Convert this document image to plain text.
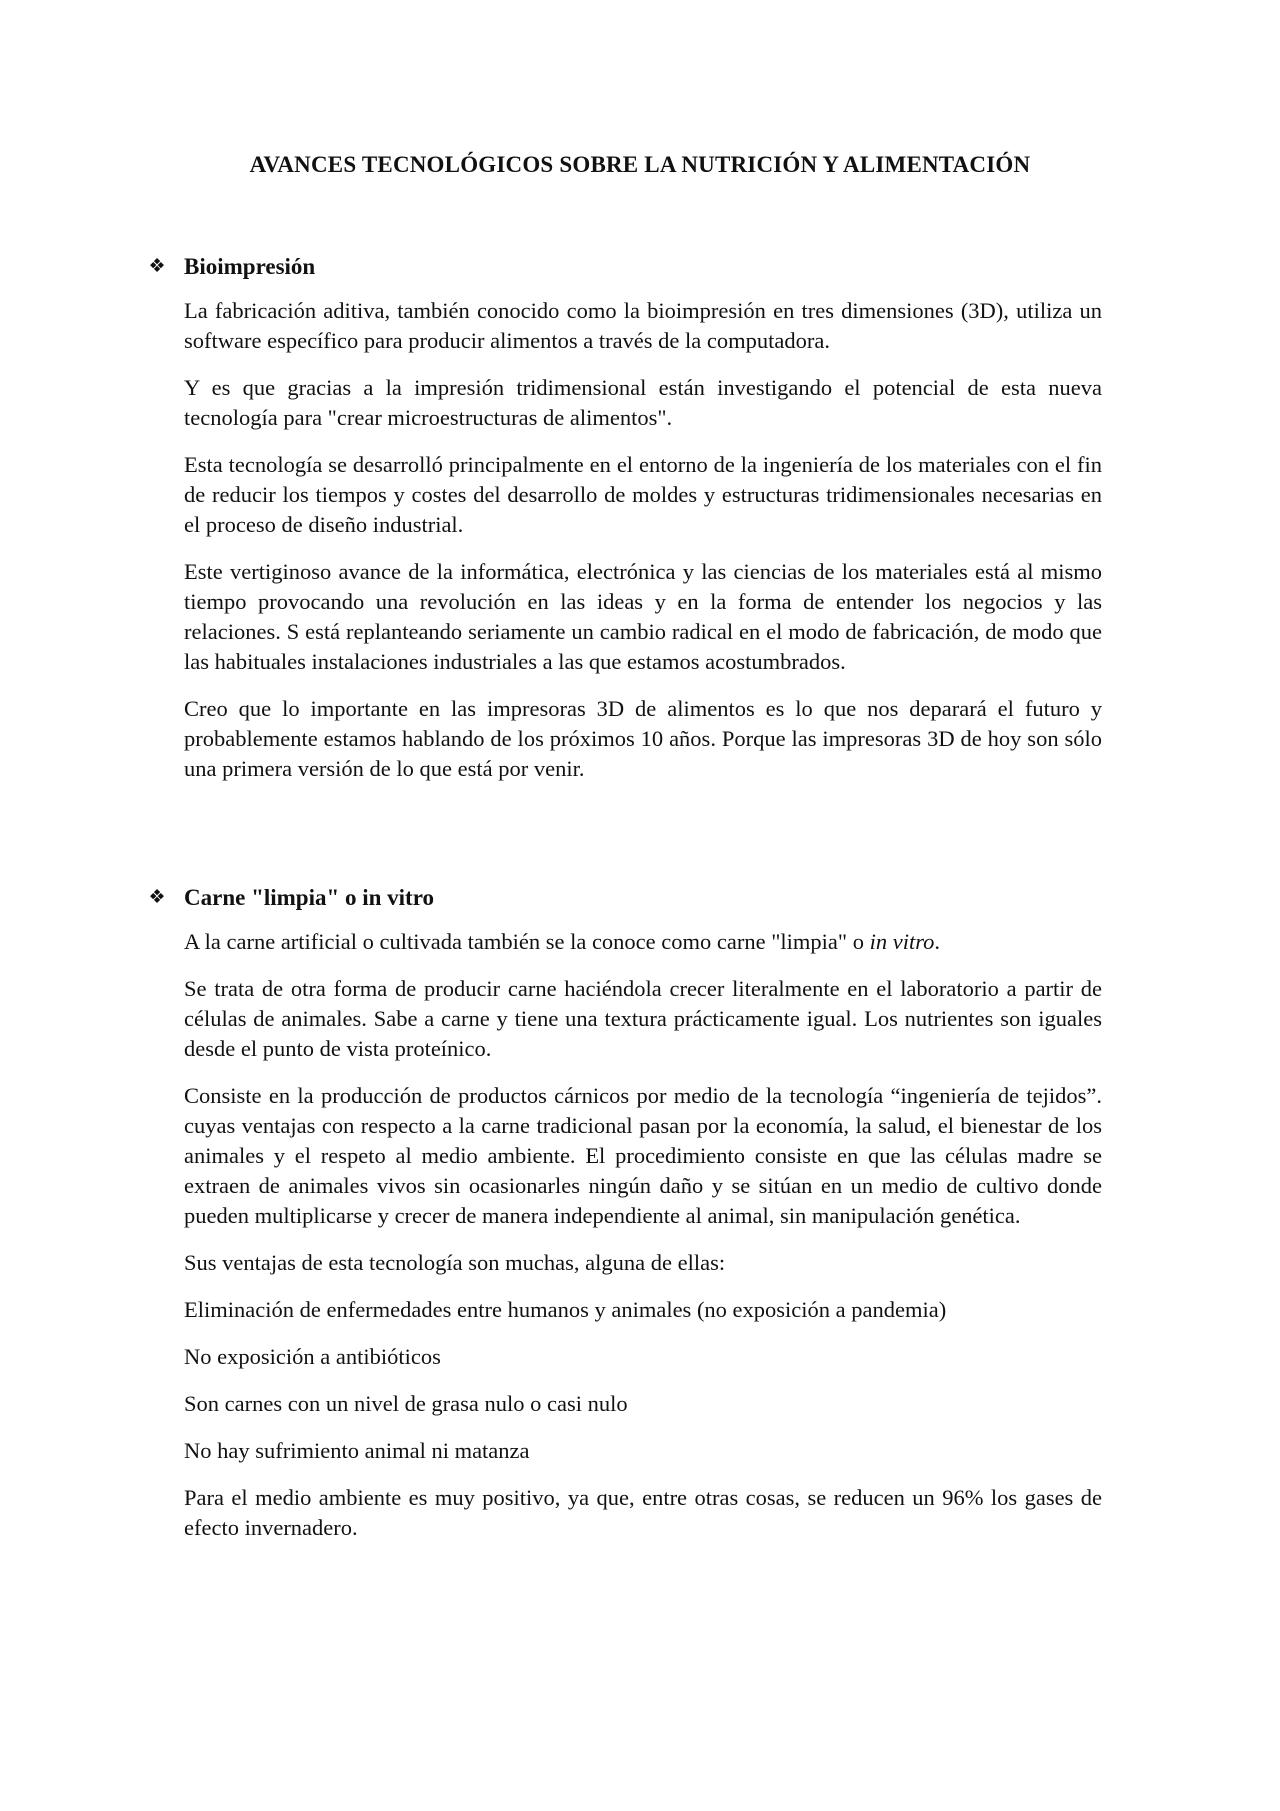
AVANCES TECNOLÓGICOS SOBRE LA NUTRICIÓN Y ALIMENTACIÓN
❖ Bioimpresión

La fabricación aditiva, también conocido como la bioimpresión en tres dimensiones (3D), utiliza un software específico para producir alimentos a través de la computadora.

Y es que gracias a la impresión tridimensional están investigando el potencial de esta nueva tecnología para "crear microestructuras de alimentos".

Esta tecnología se desarrolló principalmente en el entorno de la ingeniería de los materiales con el fin de reducir los tiempos y costes del desarrollo de moldes y estructuras tridimensionales necesarias en el proceso de diseño industrial.

Este vertiginoso avance de la informática, electrónica y las ciencias de los materiales está al mismo tiempo provocando una revolución en las ideas y en la forma de entender los negocios y las relaciones. S está replanteando seriamente un cambio radical en el modo de fabricación, de modo que las habituales instalaciones industriales a las que estamos acostumbrados.

Creo que lo importante en las impresoras 3D de alimentos es lo que nos deparará el futuro y probablemente estamos hablando de los próximos 10 años. Porque las impresoras 3D de hoy son sólo una primera versión de lo que está por venir.

❖ Carne "limpia" o in vitro

A la carne artificial o cultivada también se la conoce como carne "limpia" o in vitro.

Se trata de otra forma de producir carne haciéndola crecer literalmente en el laboratorio a partir de células de animales. Sabe a carne y tiene una textura prácticamente igual. Los nutrientes son iguales desde el punto de vista proteínico.

Consiste en la producción de productos cárnicos por medio de la tecnología “ingeniería de tejidos”. cuyas ventajas con respecto a la carne tradicional pasan por la economía, la salud, el bienestar de los animales y el respeto al medio ambiente. El procedimiento consiste en que las células madre se extraen de animales vivos sin ocasionarles ningún daño y se sitúan en un medio de cultivo donde pueden multiplicarse y crecer de manera independiente al animal, sin manipulación genética.

Sus ventajas de esta tecnología son muchas, alguna de ellas:

Eliminación de enfermedades entre humanos y animales (no exposición a pandemia)

No exposición a antibióticos

Son carnes con un nivel de grasa nulo o casi nulo

No hay sufrimiento animal ni matanza

Para el medio ambiente es muy positivo, ya que, entre otras cosas, se reducen un 96% los gases de efecto invernadero.
